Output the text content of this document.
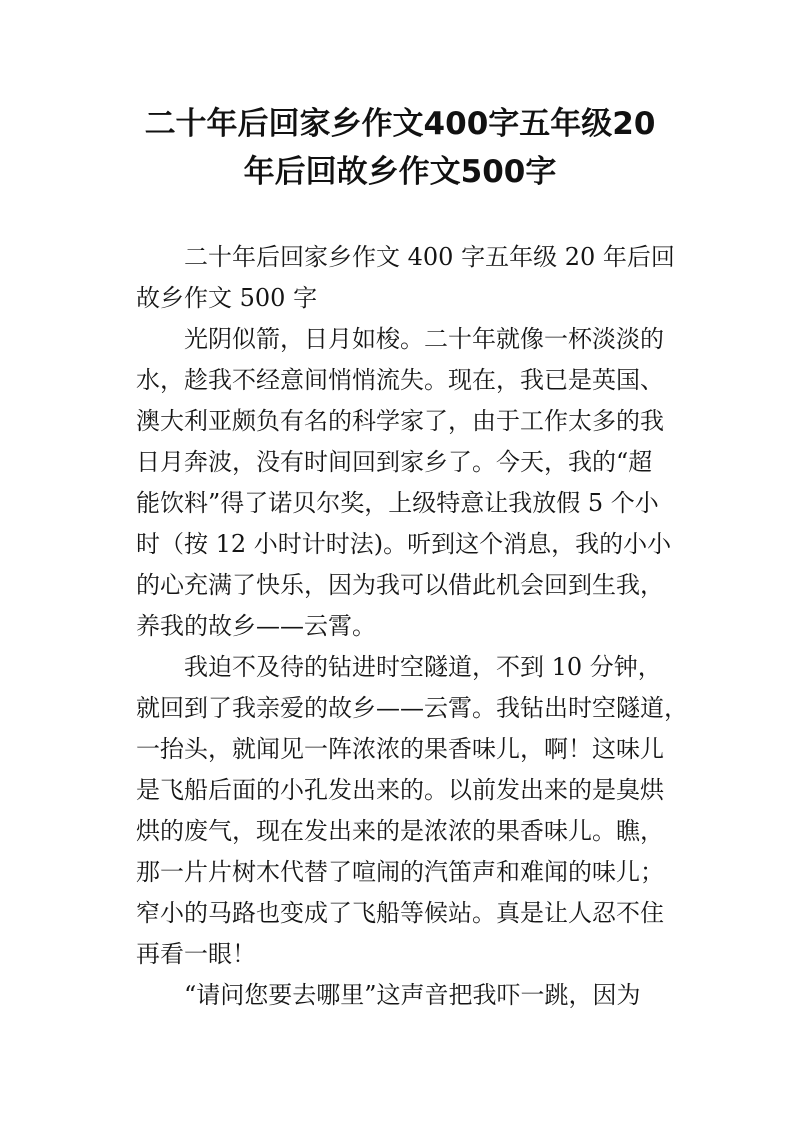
二十年后回家乡作文400字五年级20
年后回故乡作文500字
二十年后回家乡作文 400 字五年级 20 年后回
故乡作文 500 字
光阴似箭，日月如梭。二十年就像一杯淡淡的
水，趁我不经意间悄悄流失。现在，我已是英国、
澳大利亚颇负有名的科学家了，由于工作太多的我
日月奔波，没有时间回到家乡了。今天，我的“超
能饮料”得了诺贝尔奖，上级特意让我放假 5 个小
时（按 12 小时计时法)。听到这个消息，我的小小
的心充满了快乐，因为我可以借此机会回到生我，
养我的故乡——云霄。
我迫不及待的钻进时空隧道，不到 10 分钟，
就回到了我亲爱的故乡——云霄。我钻出时空隧道，
一抬头，就闻见一阵浓浓的果香味儿，啊！这味儿
是飞船后面的小孔发出来的。以前发出来的是臭烘
烘的废气，现在发出来的是浓浓的果香味儿。瞧，
那一片片树木代替了喧闹的汽笛声和难闻的味儿；
窄小的马路也变成了飞船等候站。真是让人忍不住
再看一眼！
“请问您要去哪里”这声音把我吓一跳，因为
